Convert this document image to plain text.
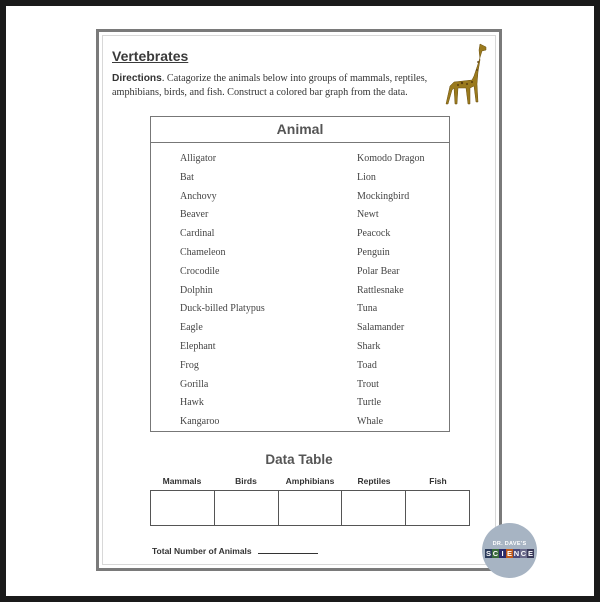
Vertebrates

Directions. Catagorize the animals below into groups of mammals, reptiles, amphibians, birds, and fish. Construct a colored bar graph from the data.

Animal
Alligator
Bat
Anchovy
Beaver
Cardinal
Chameleon
Crocodile
Dolphin
Duck-billed Platypus
Eagle
Elephant
Frog
Gorilla
Hawk
Kangaroo
Komodo Dragon
Lion
Mockingbird
Newt
Peacock
Penguin
Polar Bear
Rattlesnake
Tuna
Salamander
Shark
Toad
Trout
Turtle
Whale
Data Table
Mammals	Birds	Amphibians	Reptiles	Fish
Total Number of Animals
DR. DAVE'S
S C I E N C E
